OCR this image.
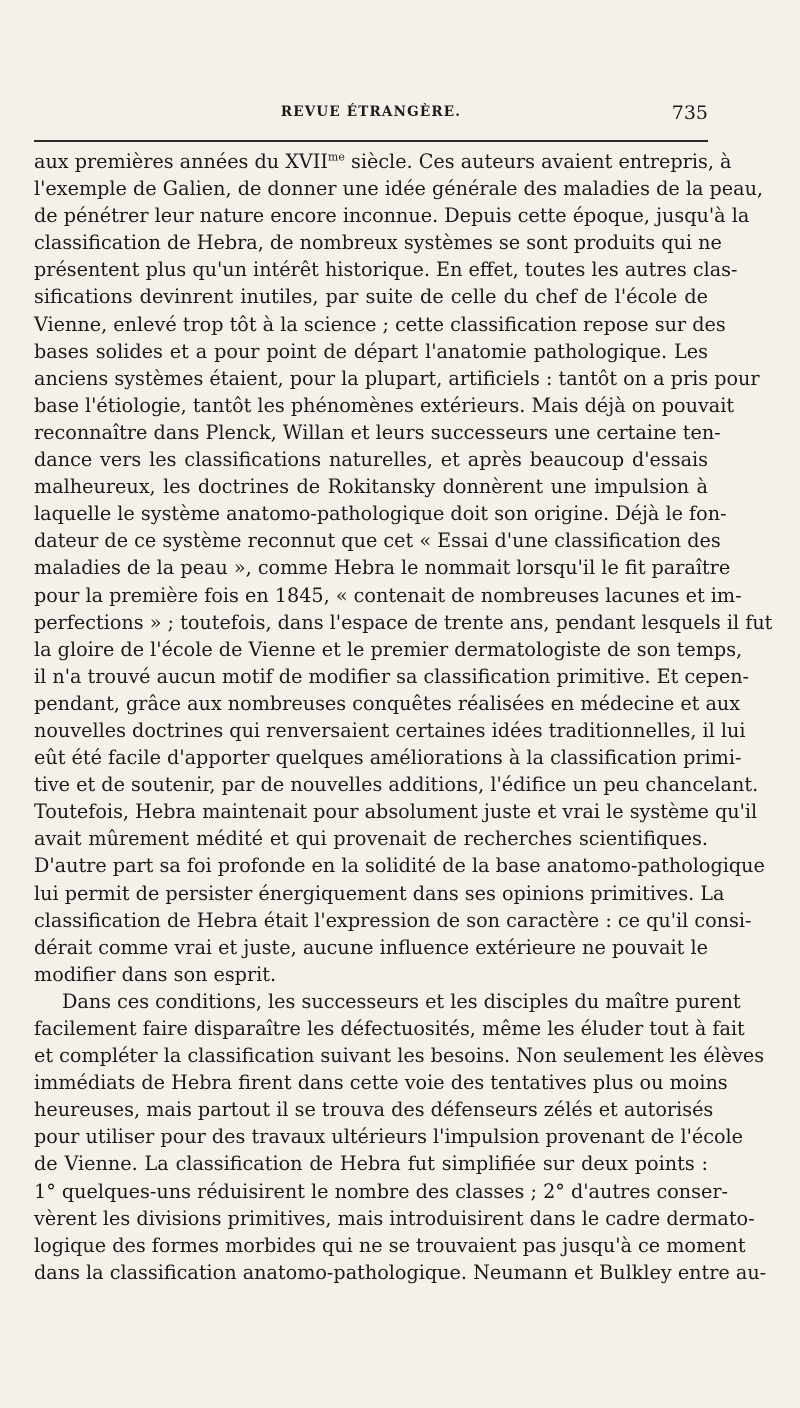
REVUE ÉTRANGÈRE.	735
aux premières années du $XVII^{me}$ siècle. Ces auteurs avaient entrepris, à
l'exemple de Galien, de donner une idée générale des maladies de la peau,
de pénétrer leur nature encore inconnue. Depuis cette époque, jusqu'à la
classification de Hebra, de nombreux systèmes se sont produits qui ne
présentent plus qu'un intérêt historique. En effet, toutes les autres clas-
sifications devinrent inutiles, par suite de celle du chef de l'école de
Vienne, enlevé trop tôt à la science ; cette classification repose sur des
bases solides et a pour point de départ l'anatomie pathologique. Les
anciens systèmes étaient, pour la plupart, artificiels : tantôt on a pris pour
base l'étiologie, tantôt les phénomènes extérieurs. Mais déjà on pouvait
reconnaître dans Plenck, Willan et leurs successeurs une certaine ten-
dance vers les classifications naturelles, et après beaucoup d'essais
malheureux, les doctrines de Rokitansky donnèrent une impulsion à
laquelle le système anatomo-pathologique doit son origine. Déjà le fon-
dateur de ce système reconnut que cet « Essai d'une classification des
maladies de la peau », comme Hebra le nommait lorsqu'il le fit paraître
pour la première fois en 1845, « contenait de nombreuses lacunes et im-
perfections » ; toutefois, dans l'espace de trente ans, pendant lesquels il fut
la gloire de l'école de Vienne et le premier dermatologiste de son temps,
il n'a trouvé aucun motif de modifier sa classification primitive. Et cepen-
pendant, grâce aux nombreuses conquêtes réalisées en médecine et aux
nouvelles doctrines qui renversaient certaines idées traditionnelles, il lui
eût été facile d'apporter quelques améliorations à la classification primi-
tive et de soutenir, par de nouvelles additions, l'édifice un peu chancelant.
Toutefois, Hebra maintenait pour absolument juste et vrai le système qu'il
avait mûrement médité et qui provenait de recherches scientifiques.
D'autre part sa foi profonde en la solidité de la base anatomo-pathologique
lui permit de persister énergiquement dans ses opinions primitives. La
classification de Hebra était l'expression de son caractère : ce qu'il consi-
dérait comme vrai et juste, aucune influence extérieure ne pouvait le
modifier dans son esprit.
Dans ces conditions, les successeurs et les disciples du maître purent
facilement faire disparaître les défectuosités, même les éluder tout à fait
et compléter la classification suivant les besoins. Non seulement les élèves
immédiats de Hebra firent dans cette voie des tentatives plus ou moins
heureuses, mais partout il se trouva des défenseurs zélés et autorisés
pour utiliser pour des travaux ultérieurs l'impulsion provenant de l'école
de Vienne. La classification de Hebra fut simplifiée sur deux points :
1° quelques-uns réduisirent le nombre des classes ; 2° d'autres conser-
vèrent les divisions primitives, mais introduisirent dans le cadre dermato-
logique des formes morbides qui ne se trouvaient pas jusqu'à ce moment
dans la classification anatomo-pathologique. Neumann et Bulkley entre au-
